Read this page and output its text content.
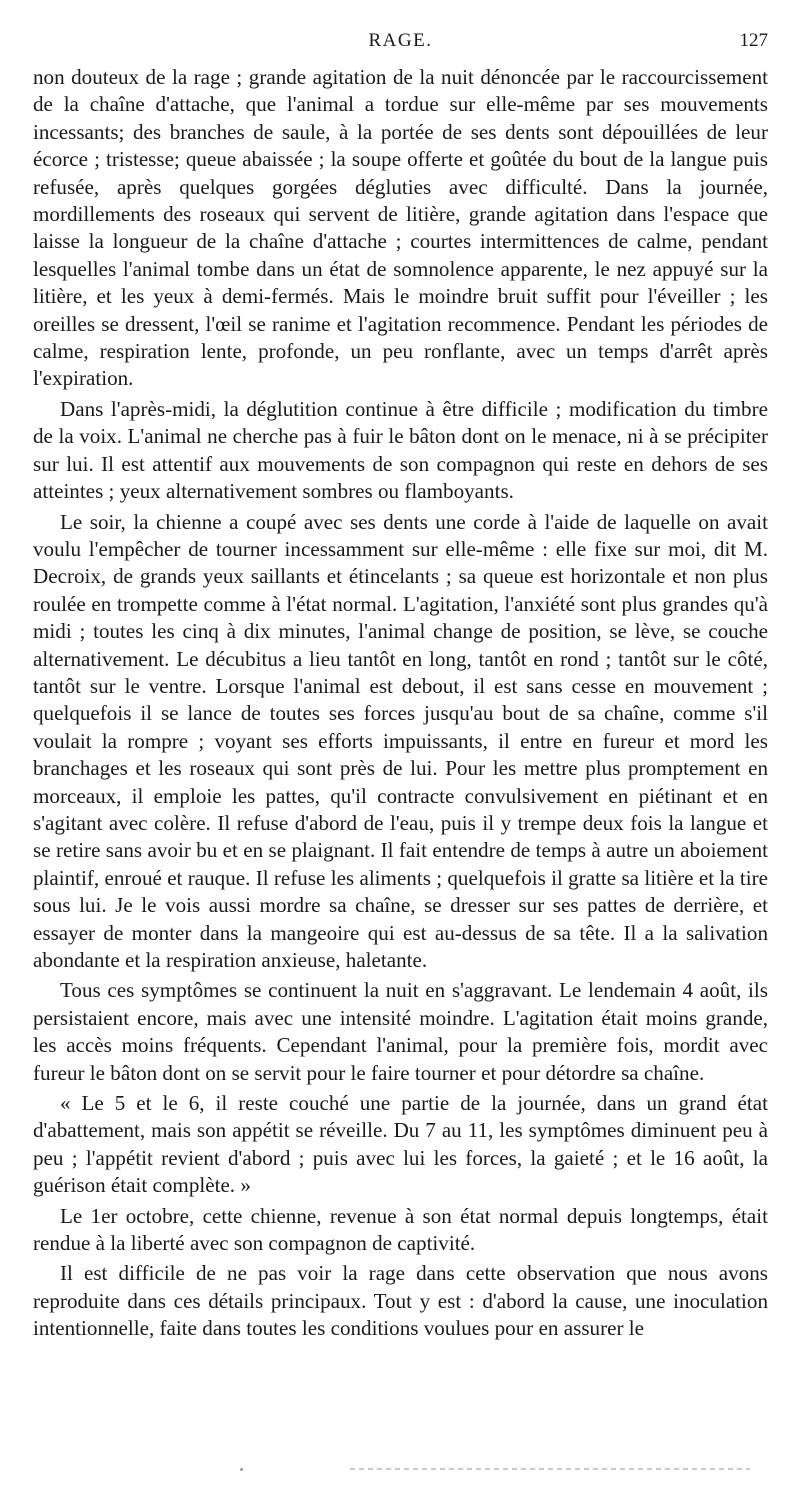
RAGE.	127

non douteux de la rage ; grande agitation de la nuit dénoncée par le raccourcissement de la chaîne d'attache, que l'animal a tordue sur elle-même par ses mouvements incessants; des branches de saule, à la portée de ses dents sont dépouillées de leur écorce ; tristesse; queue abaissée ; la soupe offerte et goûtée du bout de la langue puis refusée, après quelques gorgées dégluties avec difficulté. Dans la journée, mordillements des roseaux qui servent de litière, grande agitation dans l'espace que laisse la longueur de la chaîne d'attache ; courtes intermittences de calme, pendant lesquelles l'animal tombe dans un état de somnolence apparente, le nez appuyé sur la litière, et les yeux à demi-fermés. Mais le moindre bruit suffit pour l'éveiller ; les oreilles se dressent, l'œil se ranime et l'agitation recommence. Pendant les périodes de calme, respiration lente, profonde, un peu ronflante, avec un temps d'arrêt après l'expiration.

Dans l'après-midi, la déglutition continue à être difficile ; modification du timbre de la voix. L'animal ne cherche pas à fuir le bâton dont on le menace, ni à se précipiter sur lui. Il est attentif aux mouvements de son compagnon qui reste en dehors de ses atteintes ; yeux alternativement sombres ou flamboyants.

Le soir, la chienne a coupé avec ses dents une corde à l'aide de laquelle on avait voulu l'empêcher de tourner incessamment sur elle-même : elle fixe sur moi, dit M. Decroix, de grands yeux saillants et étincelants ; sa queue est horizontale et non plus roulée en trompette comme à l'état normal. L'agitation, l'anxiété sont plus grandes qu'à midi ; toutes les cinq à dix minutes, l'animal change de position, se lève, se couche alternativement. Le décubitus a lieu tantôt en long, tantôt en rond ; tantôt sur le côté, tantôt sur le ventre. Lorsque l'animal est debout, il est sans cesse en mouvement ; quelquefois il se lance de toutes ses forces jusqu'au bout de sa chaîne, comme s'il voulait la rompre ; voyant ses efforts impuissants, il entre en fureur et mord les branchages et les roseaux qui sont près de lui. Pour les mettre plus promptement en morceaux, il emploie les pattes, qu'il contracte convulsivement en piétinant et en s'agitant avec colère. Il refuse d'abord de l'eau, puis il y trempe deux fois la langue et se retire sans avoir bu et en se plaignant. Il fait entendre de temps à autre un aboiement plaintif, enroué et rauque. Il refuse les aliments ; quelquefois il gratte sa litière et la tire sous lui. Je le vois aussi mordre sa chaîne, se dresser sur ses pattes de derrière, et essayer de monter dans la mangeoire qui est au-dessus de sa tête. Il a la salivation abondante et la respiration anxieuse, haletante.

Tous ces symptômes se continuent la nuit en s'aggravant. Le lendemain 4 août, ils persistaient encore, mais avec une intensité moindre. L'agitation était moins grande, les accès moins fréquents. Cependant l'animal, pour la première fois, mordit avec fureur le bâton dont on se servit pour le faire tourner et pour détordre sa chaîne.

« Le 5 et le 6, il reste couché une partie de la journée, dans un grand état d'abattement, mais son appétit se réveille. Du 7 au 11, les symptômes diminuent peu à peu ; l'appétit revient d'abord ; puis avec lui les forces, la gaieté ; et le 16 août, la guérison était complète. »

Le 1er octobre, cette chienne, revenue à son état normal depuis longtemps, était rendue à la liberté avec son compagnon de captivité.

Il est difficile de ne pas voir la rage dans cette observation que nous avons reproduite dans ces détails principaux. Tout y est : d'abord la cause, une inoculation intentionnelle, faite dans toutes les conditions voulues pour en assurer le
